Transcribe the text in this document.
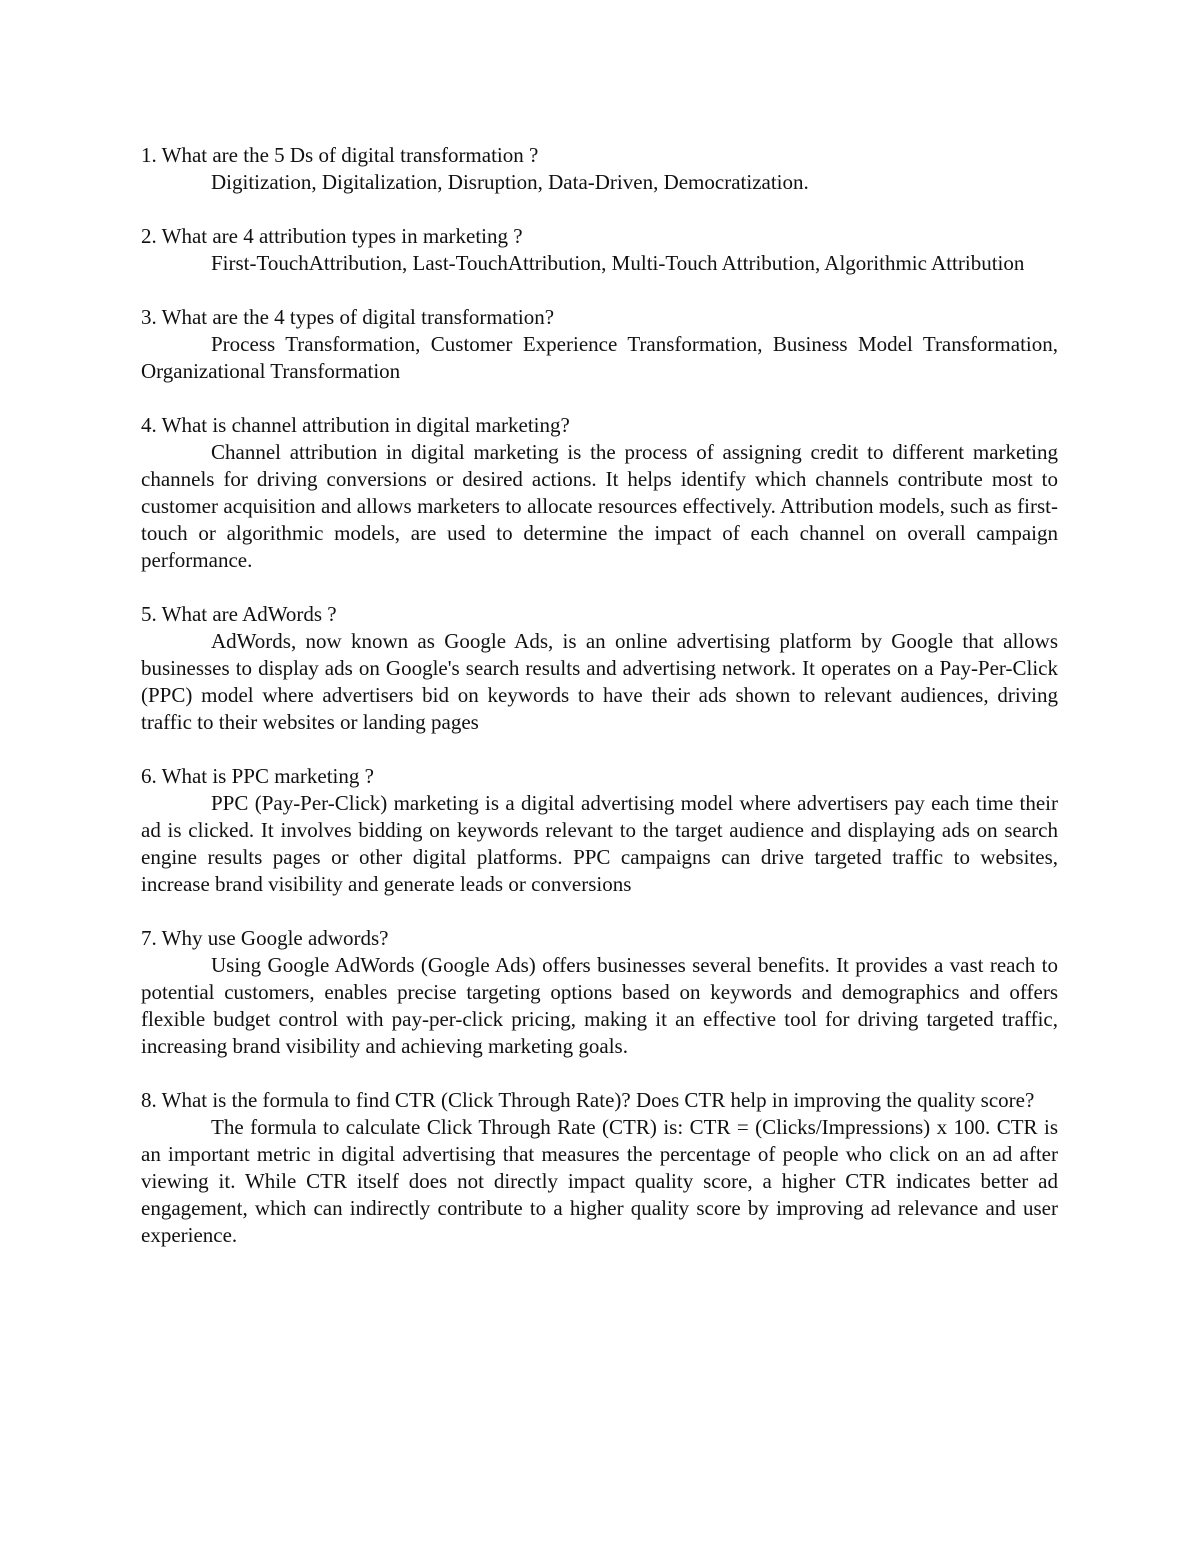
1. What are the 5 Ds of digital transformation ?

Digitization, Digitalization, Disruption, Data-Driven, Democratization.

2. What are 4 attribution types in marketing ?

First-TouchAttribution, Last-TouchAttribution, Multi-Touch Attribution, Algorithmic Attribution

3. What are the 4 types of digital transformation?

Process Transformation, Customer Experience Transformation, Business Model Transformation, Organizational Transformation

4. What is channel attribution in digital marketing?

Channel attribution in digital marketing is the process of assigning credit to different marketing channels for driving conversions or desired actions. It helps identify which channels contribute most to customer acquisition and allows marketers to allocate resources effectively. Attribution models, such as first-touch or algorithmic models, are used to determine the impact of each channel on overall campaign performance.

5. What are AdWords ?

AdWords, now known as Google Ads, is an online advertising platform by Google that allows businesses to display ads on Google's search results and advertising network. It operates on a Pay-Per-Click (PPC) model where advertisers bid on keywords to have their ads shown to relevant audiences, driving traffic to their websites or landing pages

6. What is PPC marketing ?

PPC (Pay-Per-Click) marketing is a digital advertising model where advertisers pay each time their ad is clicked. It involves bidding on keywords relevant to the target audience and displaying ads on search engine results pages or other digital platforms. PPC campaigns can drive targeted traffic to websites, increase brand visibility and generate leads or conversions

7. Why use Google adwords?

Using Google AdWords (Google Ads) offers businesses several benefits. It provides a vast reach to potential customers, enables precise targeting options based on keywords and demographics and offers flexible budget control with pay-per-click pricing, making it an effective tool for driving targeted traffic, increasing brand visibility and achieving marketing goals.

8. What is the formula to find CTR (Click Through Rate)? Does CTR help in improving the quality score?

The formula to calculate Click Through Rate (CTR) is: CTR = (Clicks/Impressions) x 100. CTR is an important metric in digital advertising that measures the percentage of people who click on an ad after viewing it. While CTR itself does not directly impact quality score, a higher CTR indicates better ad engagement, which can indirectly contribute to a higher quality score by improving ad relevance and user experience.
